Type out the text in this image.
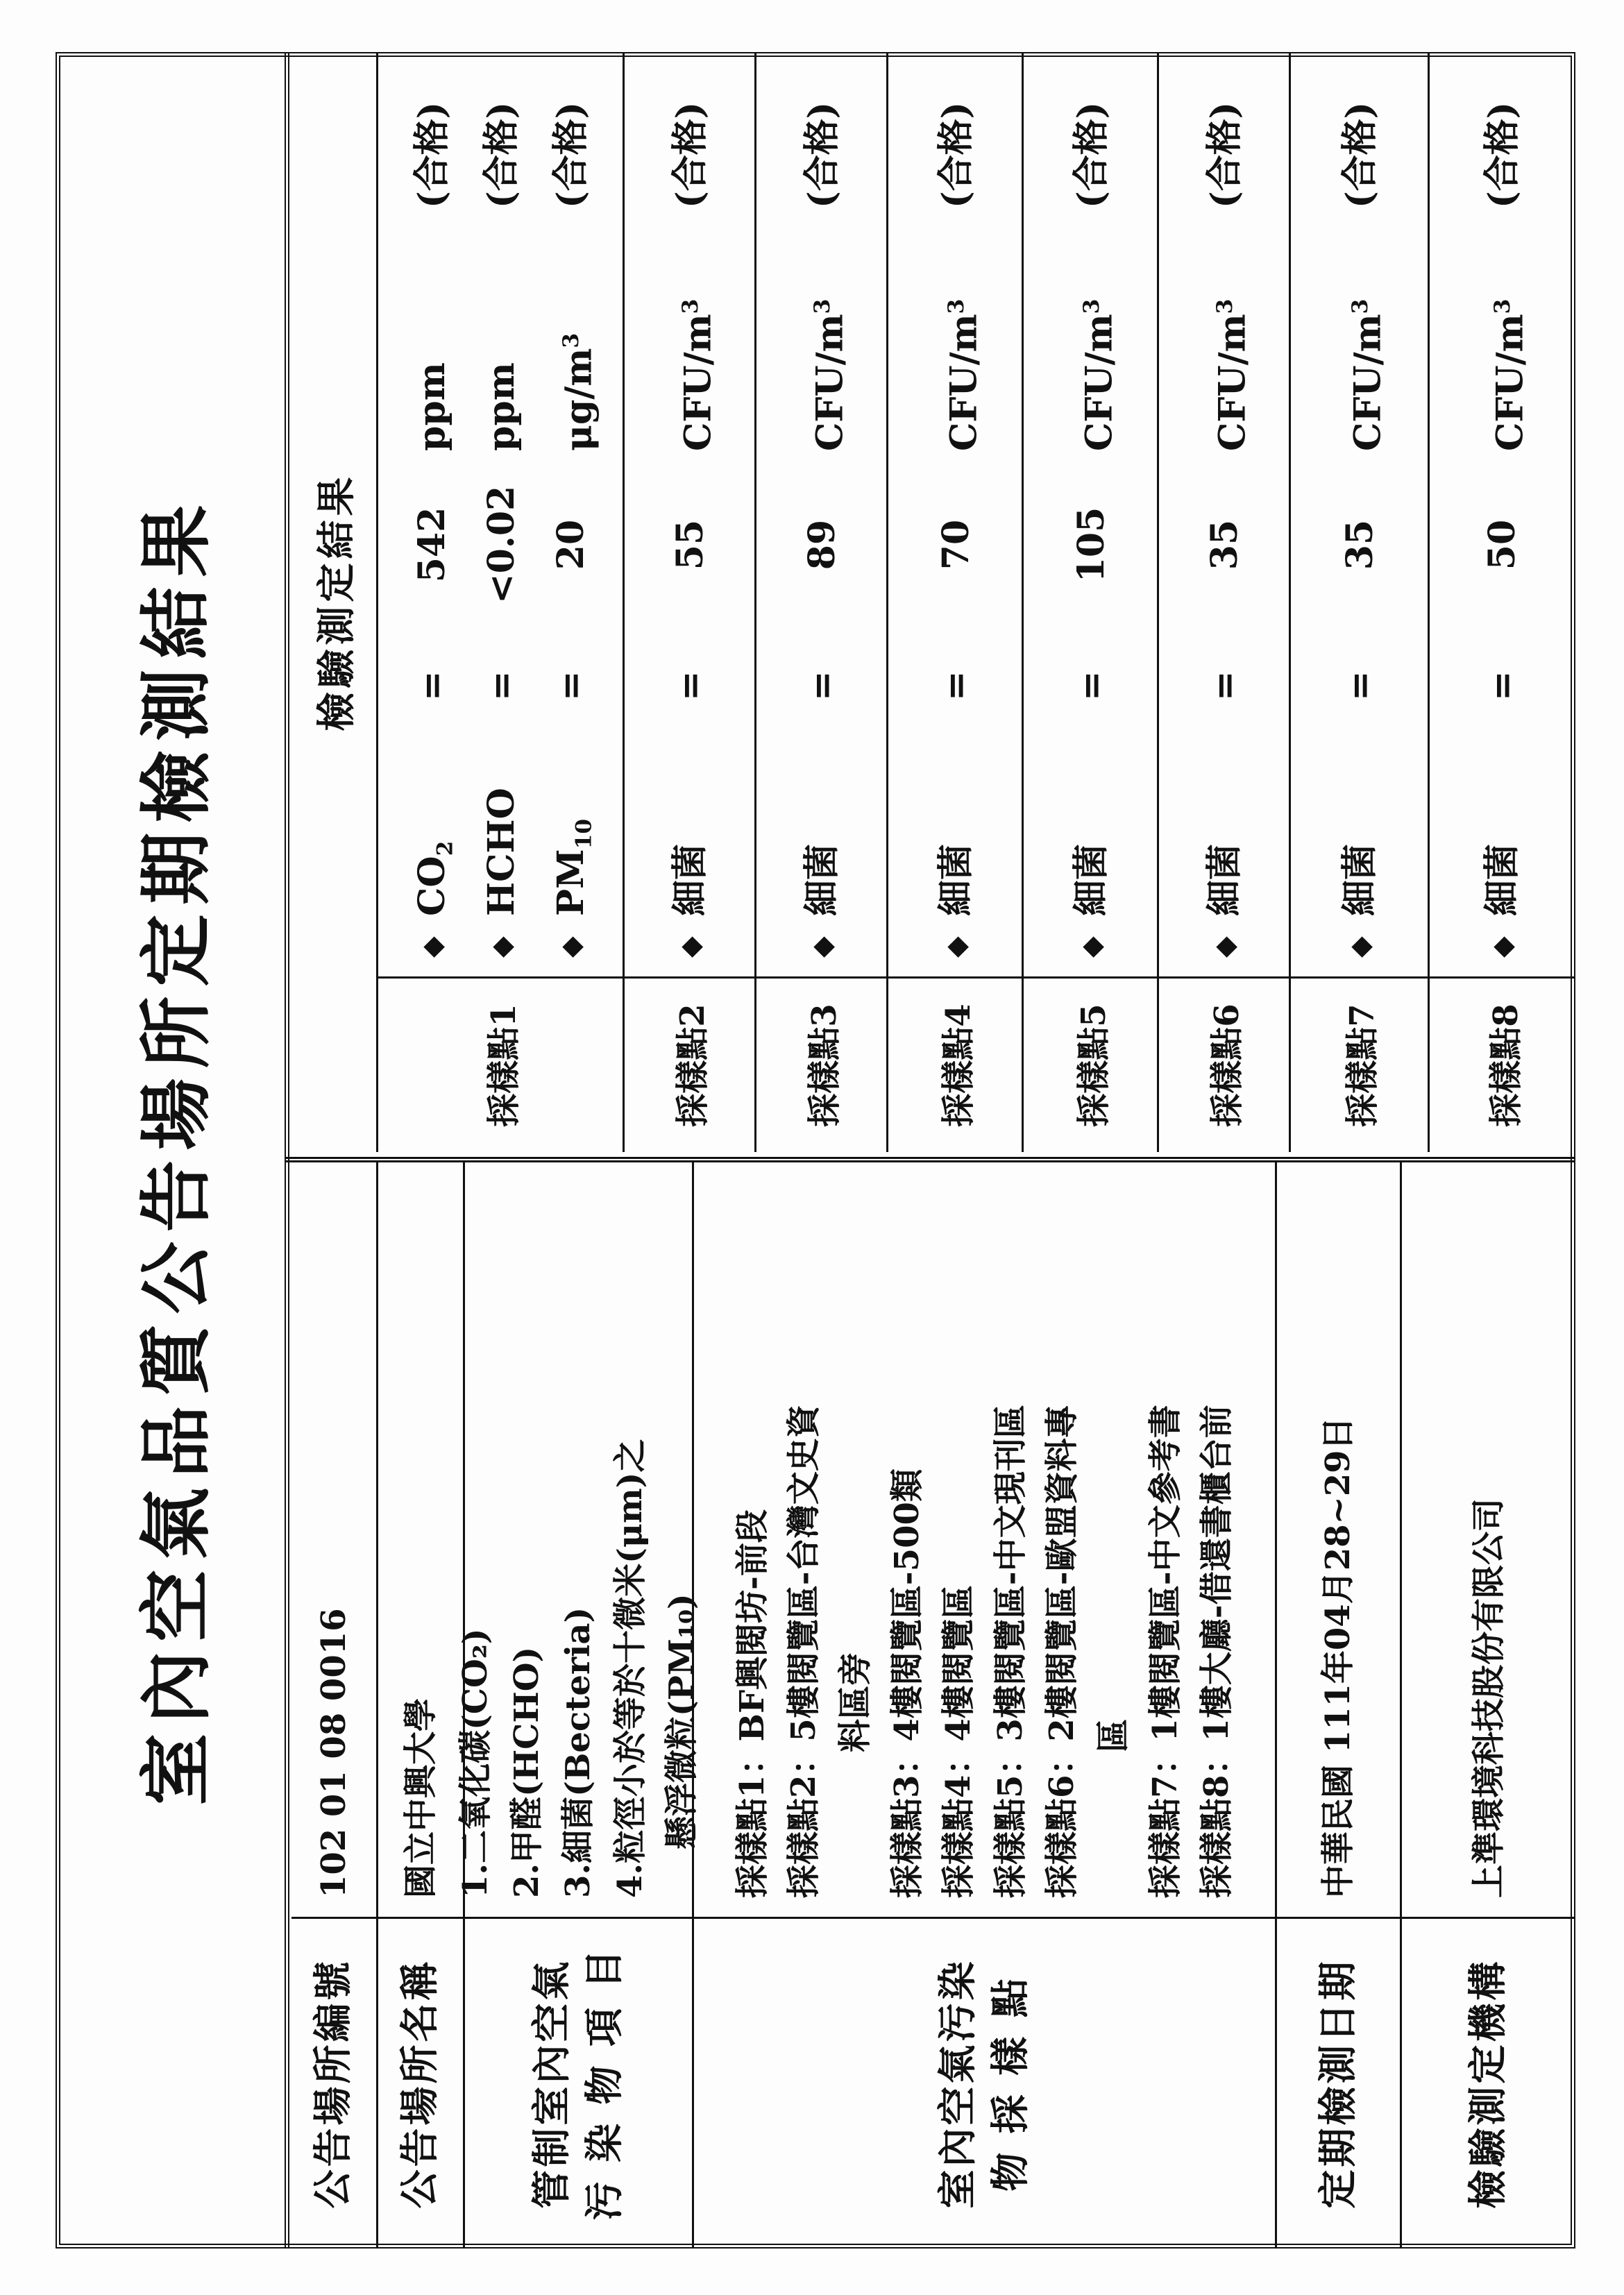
室內空氣品質公告場所定期檢測結果
公告場所編號
102 01 08 0016
公告場所名稱
國立中興大學
管制室內空氣 污 染 物 項 目
1.二氧化碳(CO₂) 2.甲醛(HCHO) 3.細菌(Becteria) 4.粒徑小於等於十微米(μm)之 懸浮微粒(PM₁₀)
室內空氣污染 物 採 樣 點
採樣點1：BF興閱坊-前段 採樣點2：5樓閱覽區-台灣文史資 料區旁 採樣點3：4樓閱覽區-500類 採樣點4：4樓閱覽區 採樣點5：3樓閱覽區-中文現刊區 採樣點6：2樓閱覽區-歐盟資料專 區 採樣點7：1樓閱覽區-中文參考書 採樣點8：1樓大廳-借還書櫃台前
定期檢測日期
中華民國 111年04月28~29日
檢驗測定機構
上準環境科技股份有限公司
檢驗測定結果
採樣點1
◆
$CO_2$
=
542
ppm
(合格)
◆
HCHO
=
<0.02
ppm
(合格)
◆
$PM_{10}$
=
20
$\mu g/m^3$
(合格)
採樣點2
◆
細菌
=
55
CFU/$m^3$
(合格)
採樣點3
◆
細菌
=
89
CFU/$m^3$
(合格)
採樣點4
◆
細菌
=
70
CFU/$m^3$
(合格)
採樣點5
◆
細菌
=
105
CFU/$m^3$
(合格)
採樣點6
◆
細菌
=
35
CFU/$m^3$
(合格)
採樣點7
◆
細菌
=
35
CFU/$m^3$
(合格)
採樣點8
◆
細菌
=
50
CFU/$m^3$
(合格)
